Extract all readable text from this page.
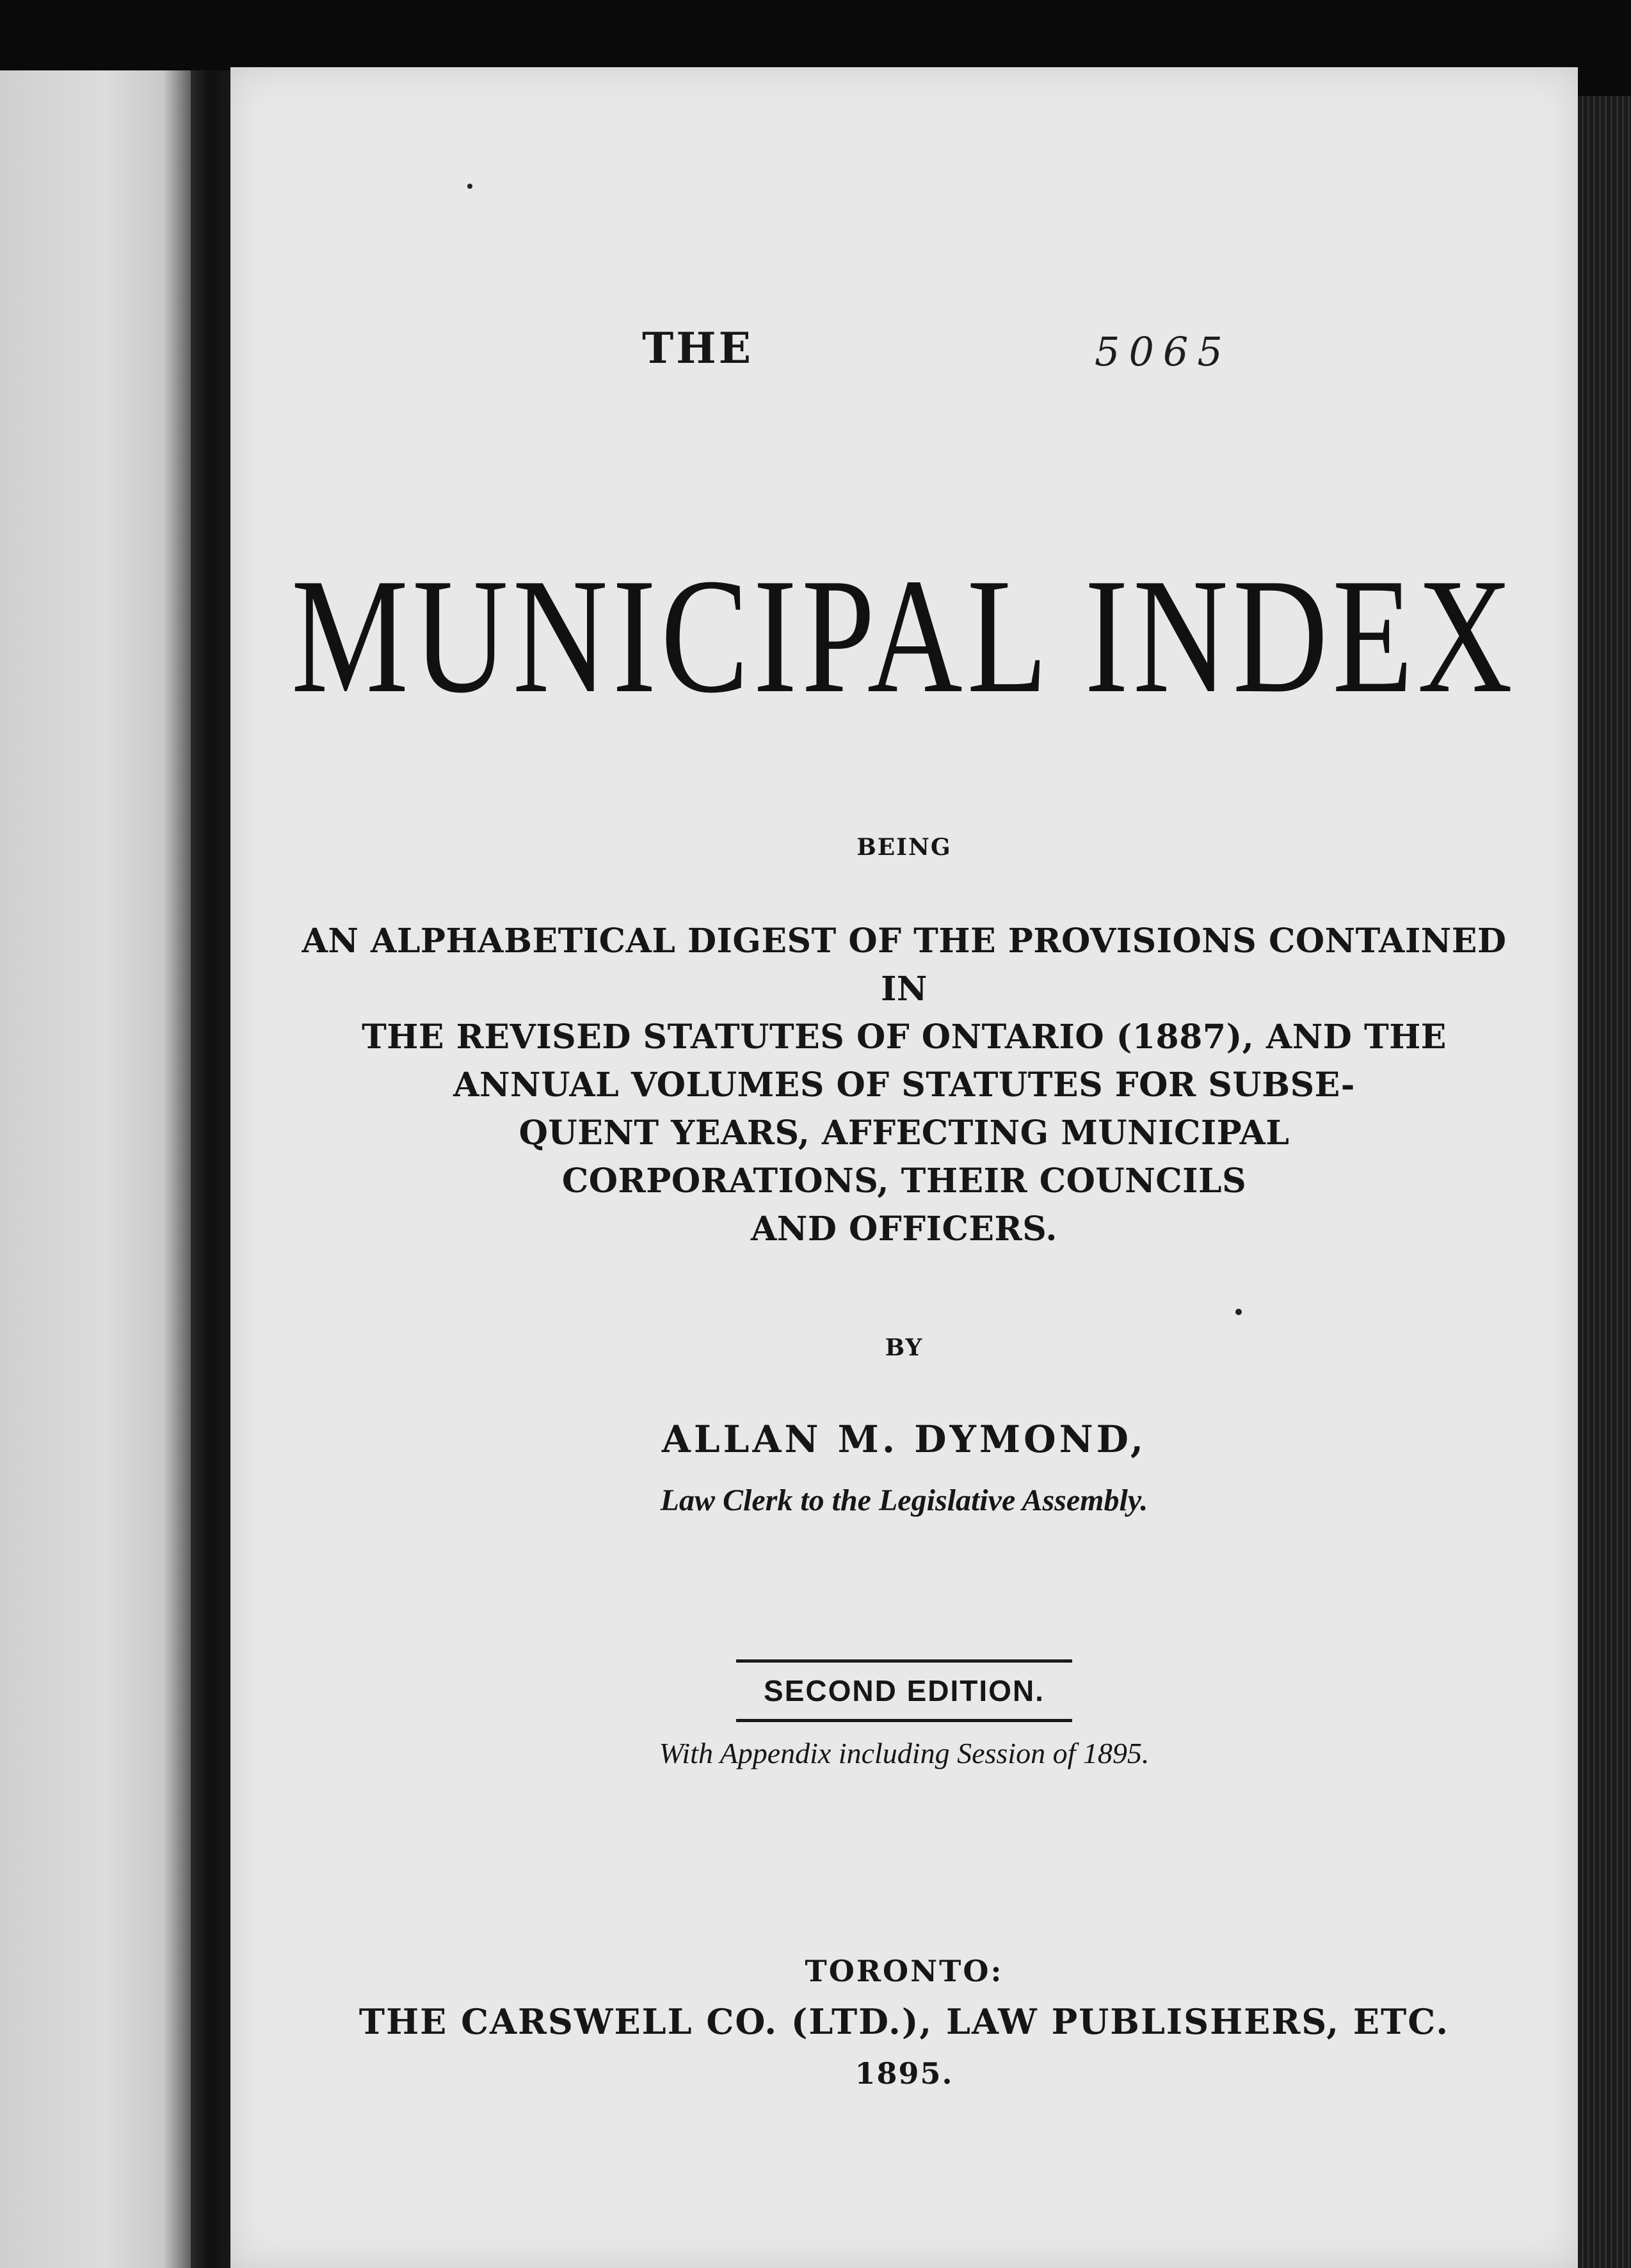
THE	5065
MUNICIPAL INDEX

BEING

AN ALPHABETICAL DIGEST OF THE PROVISIONS CONTAINED IN
THE REVISED STATUTES OF ONTARIO (1887), AND THE
ANNUAL VOLUMES OF STATUTES FOR SUBSE-
QUENT YEARS, AFFECTING MUNICIPAL
CORPORATIONS, THEIR COUNCILS
AND OFFICERS.

BY

ALLAN M. DYMOND,

Law Clerk to the Legislative Assembly.

SECOND EDITION.

With Appendix including Session of 1895.

TORONTO:

THE CARSWELL CO. (LTD.), LAW PUBLISHERS, ETC.

1895.
